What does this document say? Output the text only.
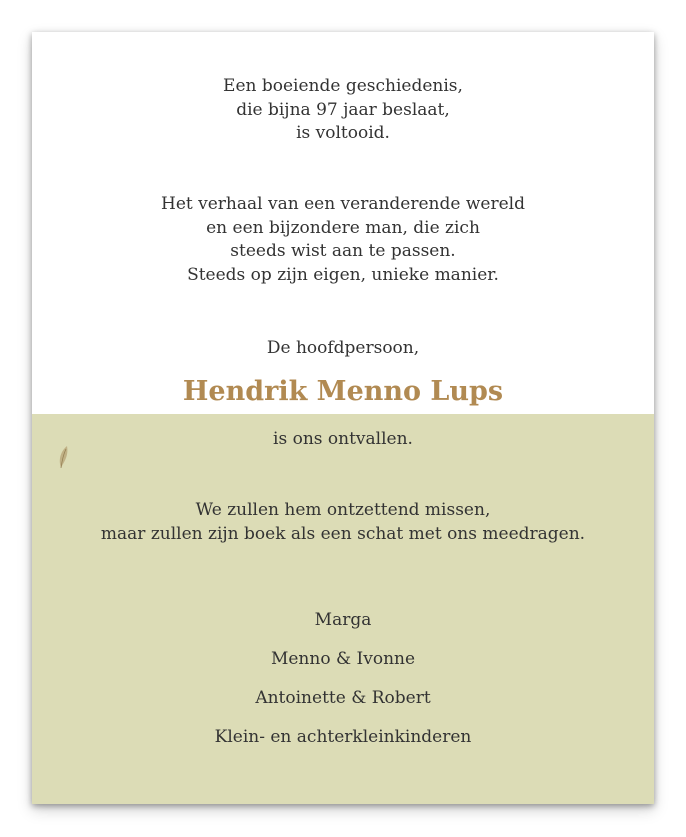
Een boeiende geschiedenis,
die bijna 97 jaar beslaat,
is voltooid.
Het verhaal van een veranderende wereld
en een bijzondere man, die zich
steeds wist aan te passen.
Steeds op zijn eigen, unieke manier.
De hoofdpersoon,
Hendrik Menno Lups
is ons ontvallen.
We zullen hem ontzettend missen,
maar zullen zijn boek als een schat met ons meedragen.
Marga
Menno & Ivonne
Antoinette & Robert
Klein- en achterkleinkinderen
